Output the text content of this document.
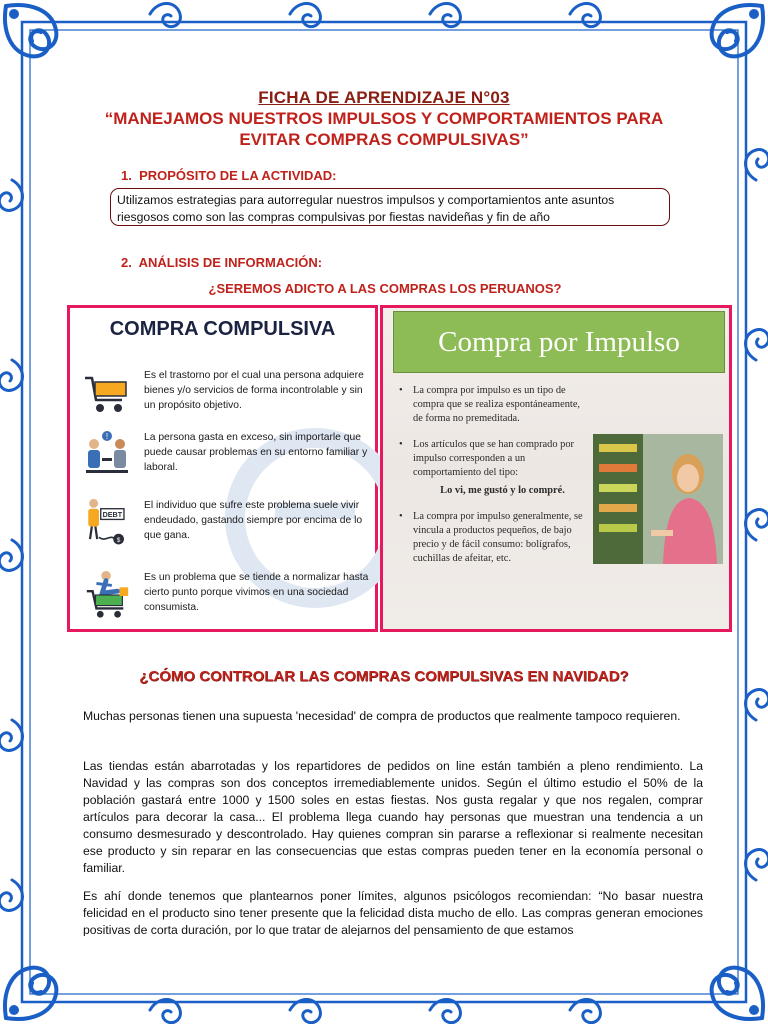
FICHA DE APRENDIZAJE N°03
“MANEJAMOS NUESTROS IMPULSOS Y COMPORTAMIENTOS PARA EVITAR COMPRAS COMPULSIVAS”
1. PROPÓSITO DE LA ACTIVIDAD:
Utilizamos estrategias para autorregular nuestros impulsos y comportamientos ante asuntos riesgosos como son las compras compulsivas por fiestas navideñas y fin de año
2. ANÁLISIS DE INFORMACIÓN:
¿SEREMOS ADICTO A LAS COMPRAS LOS PERUANOS?
COMPRA COMPULSIVA
Es el trastorno por el cual una persona adquiere bienes y/o servicios de forma incontrolable y sin un propósito objetivo.
!	La persona gasta en exceso, sin importarle que puede causar problemas en su entorno familiar y laboral.
DEBT
$
El individuo que sufre este problema suele vivir endeudado, gastando siempre por encima de lo que gana.
Es un problema que se tiende a normalizar hasta cierto punto porque vivimos en una sociedad consumista.
Compra por Impulso
• La compra por impulso es un tipo de compra que se realiza espontáneamente, de forma no premeditada.
• Los artículos que se han comprado por impulso corresponden a un comportamiento del tipo:
Lo vi, me gustó y lo compré.
• La compra por impulso generalmente, se vincula a productos pequeños, de bajo precio y de fácil consumo: bolígrafos, cuchillas de afeitar, etc.
¿CÓMO CONTROLAR LAS COMPRAS COMPULSIVAS EN NAVIDAD?
Muchas personas tienen una supuesta 'necesidad' de compra de productos que realmente tampoco requieren.
Las tiendas están abarrotadas y los repartidores de pedidos on line están también a pleno rendimiento. La Navidad y las compras son dos conceptos irremediablemente unidos. Según el último estudio el 50% de la población gastará entre 1000 y 1500 soles en estas fiestas. Nos gusta regalar y que nos regalen, comprar artículos para decorar la casa... El problema llega cuando hay personas que muestran una tendencia a un consumo desmesurado y descontrolado. Hay quienes compran sin pararse a reflexionar si realmente necesitan ese producto y sin reparar en las consecuencias que estas compras pueden tener en la economía personal o familiar.
Es ahí donde tenemos que plantearnos poner límites, algunos psicólogos recomiendan: “No basar nuestra felicidad en el producto sino tener presente que la felicidad dista mucho de ello. Las compras generan emociones positivas de corta duración, por lo que tratar de alejarnos del pensamiento de que estamos
